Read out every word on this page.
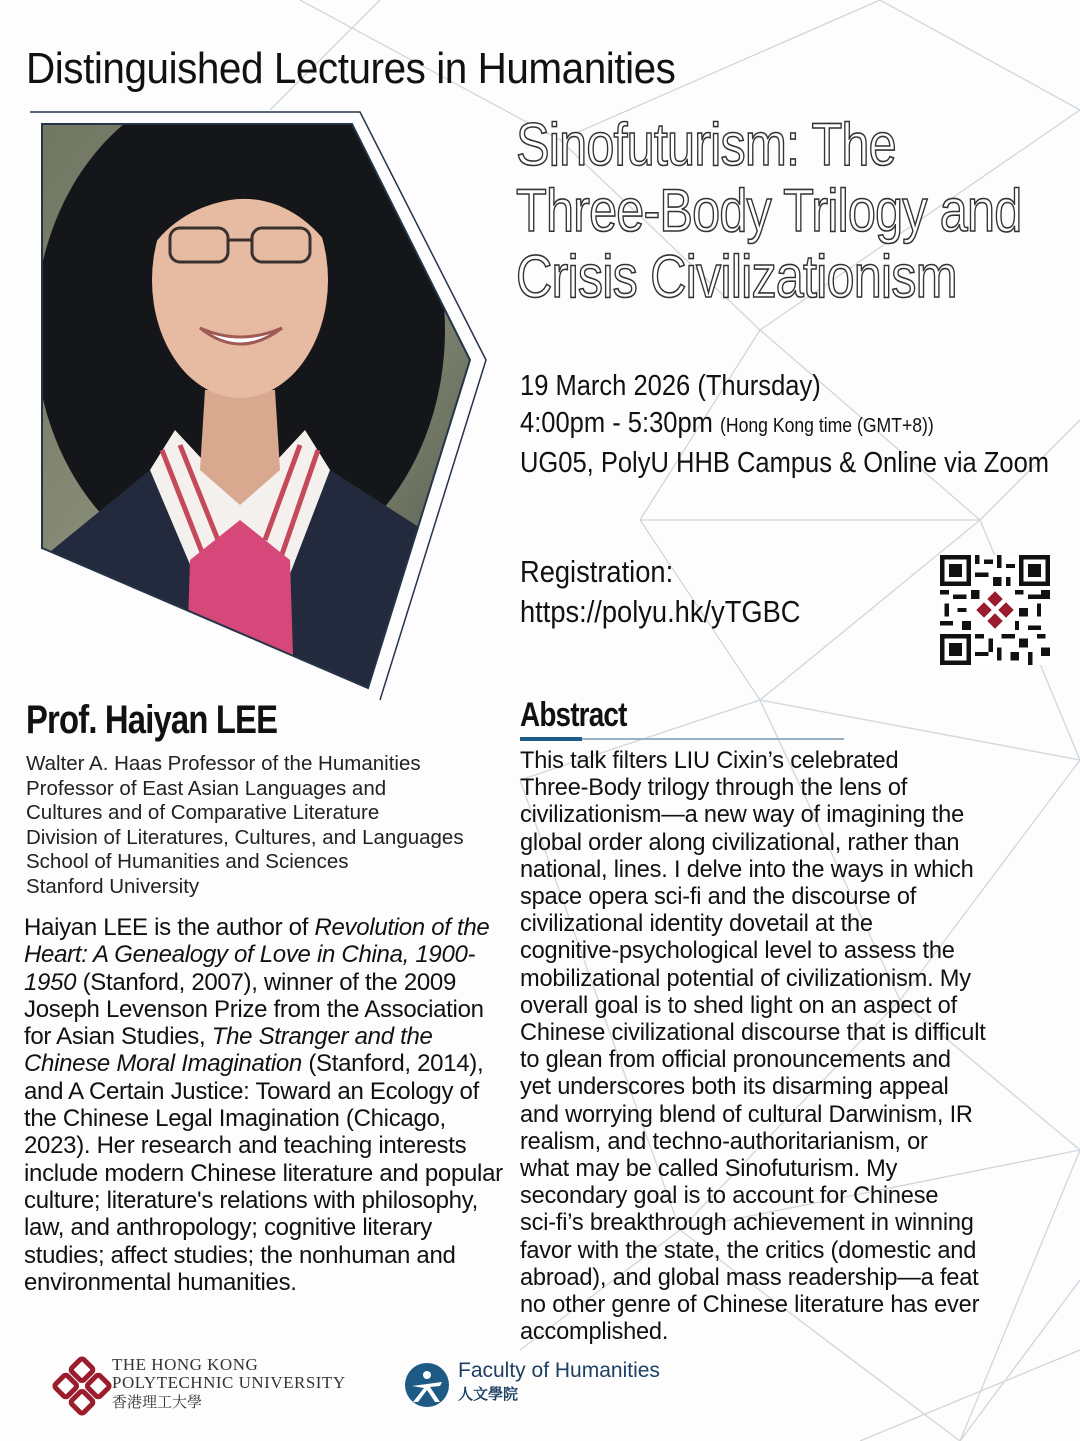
Distinguished Lectures in Humanities
Sinofuturism: The
Three-Body Trilogy and
Crisis Civilizationism
19 March 2026 (Thursday)
4:00pm - 5:30pm (Hong Kong time (GMT+8))
UG05, PolyU HHB Campus & Online via Zoom
Registration:
https://polyu.hk/yTGBC
Prof. Haiyan LEE
Walter A. Haas Professor of the Humanities
Professor of East Asian Languages and
Cultures and of Comparative Literature
Division of Literatures, Cultures, and Languages
School of Humanities and Sciences
Stanford University

Haiyan LEE is the author of Revolution of the Heart: A Genealogy of Love in China, 1900-1950 (Stanford, 2007), winner of the 2009 Joseph Levenson Prize from the Association for Asian Studies, The Stranger and the Chinese Moral Imagination (Stanford, 2014), and A Certain Justice: Toward an Ecology of the Chinese Legal Imagination (Chicago, 2023). Her research and teaching interests include modern Chinese literature and popular culture; literature's relations with philosophy, law, and anthropology; cognitive literary studies; affect studies; the nonhuman and environmental humanities.

Abstract
This talk filters LIU Cixin’s celebrated
Three-Body trilogy through the lens of
civilizationism—a new way of imagining the
global order along civilizational, rather than
national, lines. I delve into the ways in which
space opera sci-fi and the discourse of
civilizational identity dovetail at the
cognitive-psychological level to assess the
mobilizational potential of civilizationism. My
overall goal is to shed light on an aspect of
Chinese civilizational discourse that is difficult
to glean from official pronouncements and
yet underscores both its disarming appeal
and worrying blend of cultural Darwinism, IR
realism, and techno-authoritarianism, or
what may be called Sinofuturism. My
secondary goal is to account for Chinese
sci-fi’s breakthrough achievement in winning
favor with the state, the critics (domestic and
abroad), and global mass readership—a feat
no other genre of Chinese literature has ever
accomplished.
THE HONG KONG
POLYTECHNIC UNIVERSITY
香港理工大學
Faculty of Humanities
人文學院
